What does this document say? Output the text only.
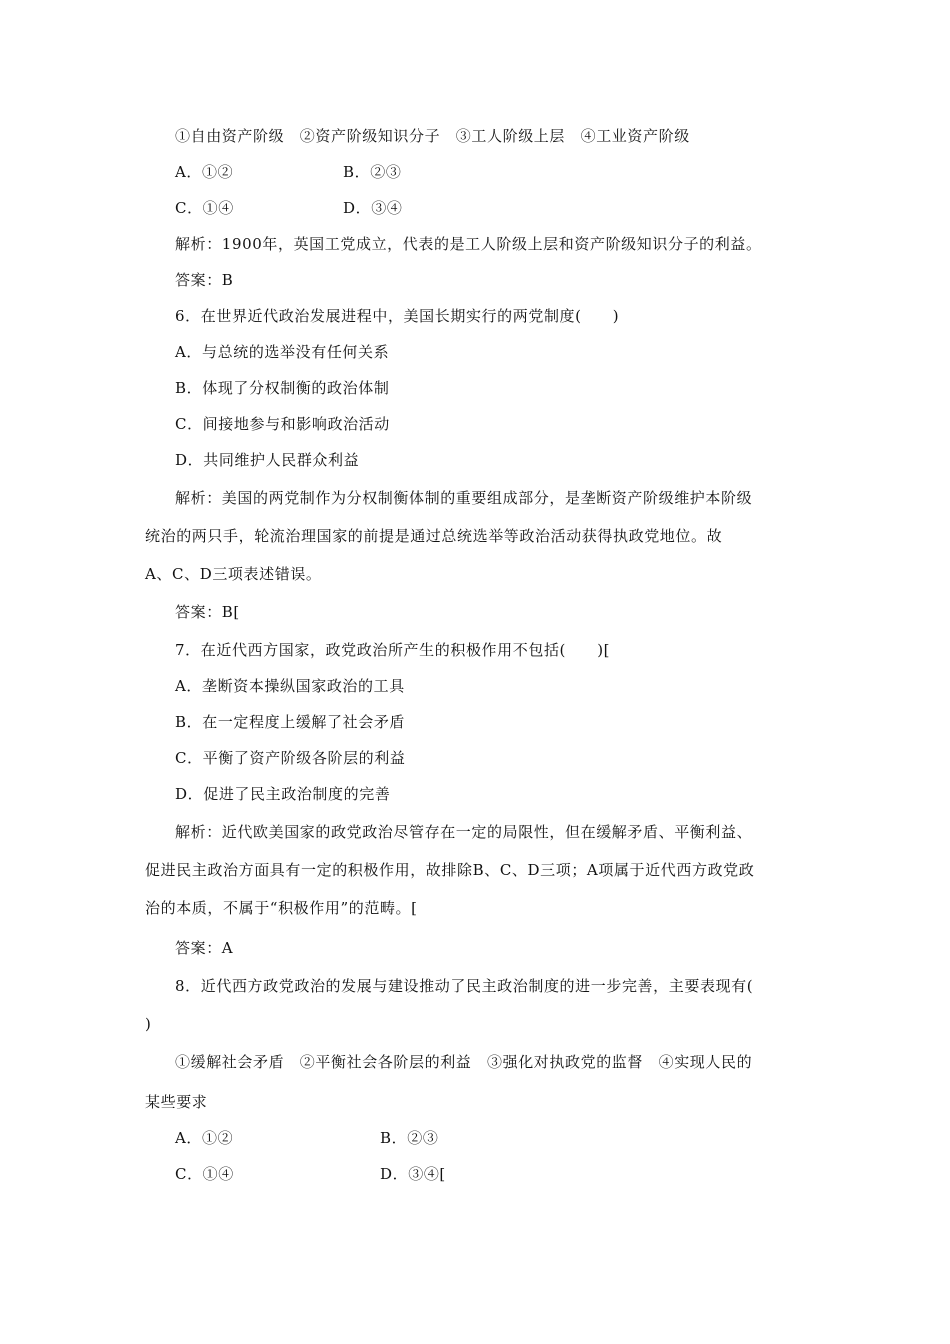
①自由资产阶级　②资产阶级知识分子　③工人阶级上层　④工业资产阶级
A．①②	B．②③
C．①④	D．③④
解析：1900年，英国工党成立，代表的是工人阶级上层和资产阶级知识分子的利益。
答案：B
6．在世界近代政治发展进程中，美国长期实行的两党制度(　　)
A．与总统的选举没有任何关系
B．体现了分权制衡的政治体制
C．间接地参与和影响政治活动
D．共同维护人民群众利益
解析：美国的两党制作为分权制衡体制的重要组成部分，是垄断资产阶级维护本阶级
统治的两只手，轮流治理国家的前提是通过总统选举等政治活动获得执政党地位。故
A、C、D三项表述错误。
答案：B[
7．在近代西方国家，政党政治所产生的积极作用不包括(　　)[
A．垄断资本操纵国家政治的工具
B．在一定程度上缓解了社会矛盾
C．平衡了资产阶级各阶层的利益
D．促进了民主政治制度的完善
解析：近代欧美国家的政党政治尽管存在一定的局限性，但在缓解矛盾、平衡利益、
促进民主政治方面具有一定的积极作用，故排除B、C、D三项；A项属于近代西方政党政
治的本质，不属于“积极作用”的范畴。[
答案：A
8．近代西方政党政治的发展与建设推动了民主政治制度的进一步完善，主要表现有(
)
①缓解社会矛盾　②平衡社会各阶层的利益　③强化对执政党的监督　④实现人民的
某些要求
A．①②	B．②③
C．①④	D．③④[
